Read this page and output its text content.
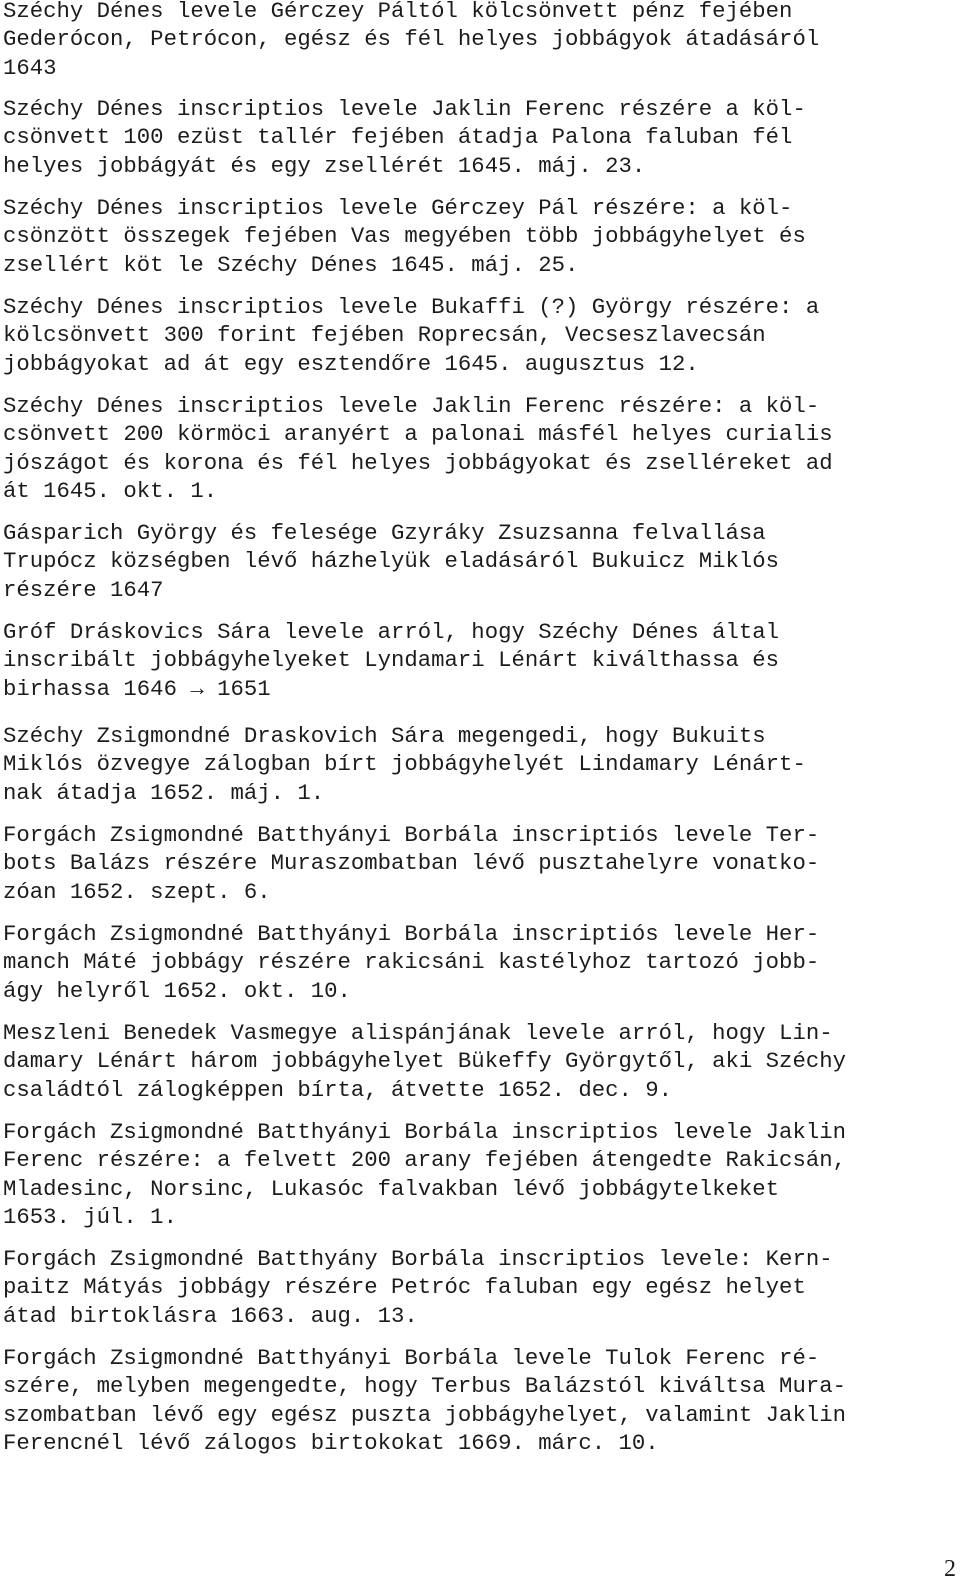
Széchy Dénes levele Gérczey Páltól kölcsönvett pénz fejében
Gederócon, Petrócon, egész és fél helyes jobbágyok átadásáról
1643

Széchy Dénes inscriptios levele Jaklin Ferenc részére a köl-
csönvett 100 ezüst tallér fejében átadja Palona faluban fél
helyes jobbágyát és egy zsellérét 1645. máj. 23.

Széchy Dénes inscriptios levele Gérczey Pál részére: a köl-
csönzött összegek fejében Vas megyében több jobbágyhelyet és
zsellért köt le Széchy Dénes 1645. máj. 25.

Széchy Dénes inscriptios levele Bukaffi (?) György részére: a
kölcsönvett 300 forint fejében Roprecsán, Vecseszlavecsán
jobbágyokat ad át egy esztendőre 1645. augusztus 12.

Széchy Dénes inscriptios levele Jaklin Ferenc részére: a köl-
csönvett 200 körmöci aranyért a palonai másfél helyes curialis
jószágot és korona és fél helyes jobbágyokat és zselléreket ad
át 1645. okt. 1.

Gásparich György és felesége Gzyráky Zsuzsanna felvallása
Trupócz községben lévő házhelyük eladásáról Bukuicz Miklós
részére 1647

Gróf Dráskovics Sára levele arról, hogy Széchy Dénes által
inscribált jobbágyhelyeket Lyndamari Lénárt kiválthassa és
birhassa 1646 → 1651

Széchy Zsigmondné Draskovich Sára megengedi, hogy Bukuits
Miklós özvegye zálogban bírt jobbágyhelyét Lindamary Lénárt-
nak átadja 1652. máj. 1.

Forgách Zsigmondné Batthyányi Borbála inscriptiós levele Ter-
bots Balázs részére Muraszombatban lévő pusztahelyre vonatko-
zóan 1652. szept. 6.

Forgách Zsigmondné Batthyányi Borbála inscriptiós levele Her-
manch Máté jobbágy részére rakicsáni kastélyhoz tartozó jobb-
ágy helyről 1652. okt. 10.

Meszleni Benedek Vasmegye alispánjának levele arról, hogy Lin-
damary Lénárt három jobbágyhelyet Bükeffy Györgytől, aki Széchy
családtól zálogképpen bírta, átvette 1652. dec. 9.

Forgách Zsigmondné Batthyányi Borbála inscriptios levele Jaklin
Ferenc részére: a felvett 200 arany fejében átengedte Rakicsán,
Mladesinc, Norsinc, Lukasóc falvakban lévő jobbágytelkeket
1653. júl. 1.

Forgách Zsigmondné Batthyány Borbála inscriptios levele: Kern-
paitz Mátyás jobbágy részére Petróc faluban egy egész helyet
átad birtoklásra 1663. aug. 13.

Forgách Zsigmondné Batthyányi Borbála levele Tulok Ferenc ré-
szére, melyben megengedte, hogy Terbus Balázstól kiváltsa Mura-
szombatban lévő egy egész puszta jobbágyhelyet, valamint Jaklin
Ferencnél lévő zálogos birtokokat 1669. márc. 10.

2
